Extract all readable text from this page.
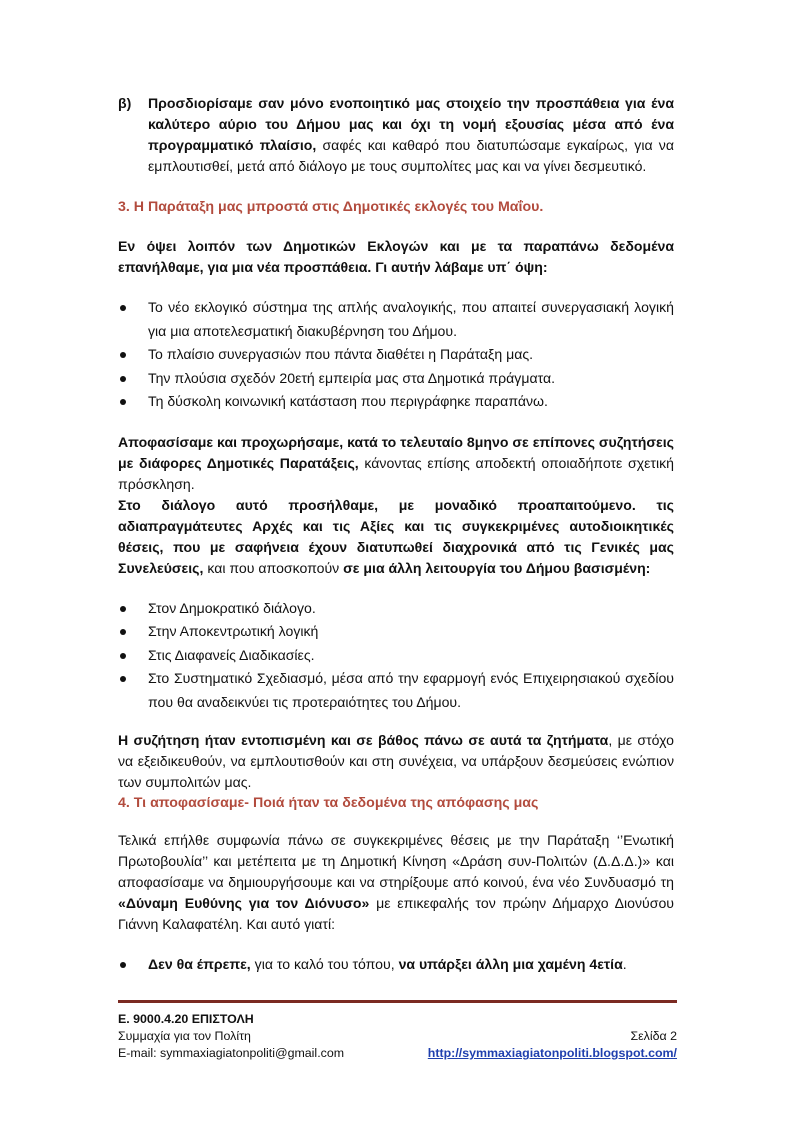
β)	Προσδιορίσαμε σαν μόνο ενοποιητικό μας στοιχείο την προσπάθεια για ένα καλύτερο αύριο του Δήμου μας και όχι τη νομή εξουσίας μέσα από ένα προγραμματικό πλαίσιο, σαφές και καθαρό που διατυπώσαμε εγκαίρως, για να εμπλουτισθεί, μετά από διάλογο με τους συμπολίτες μας και να γίνει δεσμευτικό.

3. Η Παράταξη μας μπροστά στις Δημοτικές εκλογές του Μαΐου.

Εν όψει λοιπόν των Δημοτικών Εκλογών και με τα παραπάνω δεδομένα επανήλθαμε, για μια νέα προσπάθεια. Γι αυτήν λάβαμε υπ΄ όψη:

Το νέο εκλογικό σύστημα της απλής αναλογικής, που απαιτεί συνεργασιακή λογική για μια αποτελεσματική διακυβέρνηση του Δήμου.
Το πλαίσιο συνεργασιών που πάντα διαθέτει η Παράταξη μας.
Την πλούσια σχεδόν 20ετή εμπειρία μας στα Δημοτικά πράγματα.
Τη δύσκολη κοινωνική κατάσταση που περιγράφηκε παραπάνω.

Αποφασίσαμε και προχωρήσαμε, κατά το τελευταίο 8μηνο σε επίπονες συζητήσεις με διάφορες Δημοτικές Παρατάξεις, κάνοντας επίσης αποδεκτή οποιαδήποτε σχετική πρόσκληση.

Στο διάλογο αυτό προσήλθαμε, με μοναδικό προαπαιτούμενο. τις αδιαπραγμάτευτες Αρχές και τις Αξίες και τις συγκεκριμένες αυτοδιοικητικές θέσεις, που με σαφήνεια έχουν διατυπωθεί διαχρονικά από τις Γενικές μας Συνελεύσεις, και που αποσκοπούν σε μια άλλη λειτουργία του Δήμου βασισμένη:

Στον Δημοκρατικό διάλογο.
Στην Αποκεντρωτική λογική
Στις Διαφανείς Διαδικασίες.
Στο Συστηματικό Σχεδιασμό, μέσα από την εφαρμογή ενός Επιχειρησιακού σχεδίου που θα αναδεικνύει τις προτεραιότητες του Δήμου.

Η συζήτηση ήταν εντοπισμένη και σε βάθος πάνω σε αυτά τα ζητήματα, με στόχο να εξειδικευθούν, να εμπλουτισθούν και στη συνέχεια, να υπάρξουν δεσμεύσεις ενώπιον των συμπολιτών μας.

4. Τι αποφασίσαμε- Ποιά ήταν τα δεδομένα της απόφασης μας

Τελικά επήλθε συμφωνία πάνω σε συγκεκριμένες θέσεις με την Παράταξη ‘’Ενωτική Πρωτοβουλία’’ και μετέπειτα με τη Δημοτική Κίνηση «Δράση συν-Πολιτών (Δ.Δ.Δ.)» και αποφασίσαμε να δημιουργήσουμε και να στηρίξουμε από κοινού, ένα νέο Συνδυασμό τη «Δύναμη Ευθύνης για τον Διόνυσο» με επικεφαλής τον πρώην Δήμαρχο Διονύσου Γιάννη Καλαφατέλη. Και αυτό γιατί:

Δεν θα έπρεπε, για το καλό του τόπου, να υπάρξει άλλη μια χαμένη 4ετία.
Ε. 9000.4.20 ΕΠΙΣΤΟΛΗ
Συμμαχία για τον Πολίτη	Σελίδα 2
E-mail: symmaxiagiatonpoliti@gmail.com	http://symmaxiagiatonpoliti.blogspot.com/
